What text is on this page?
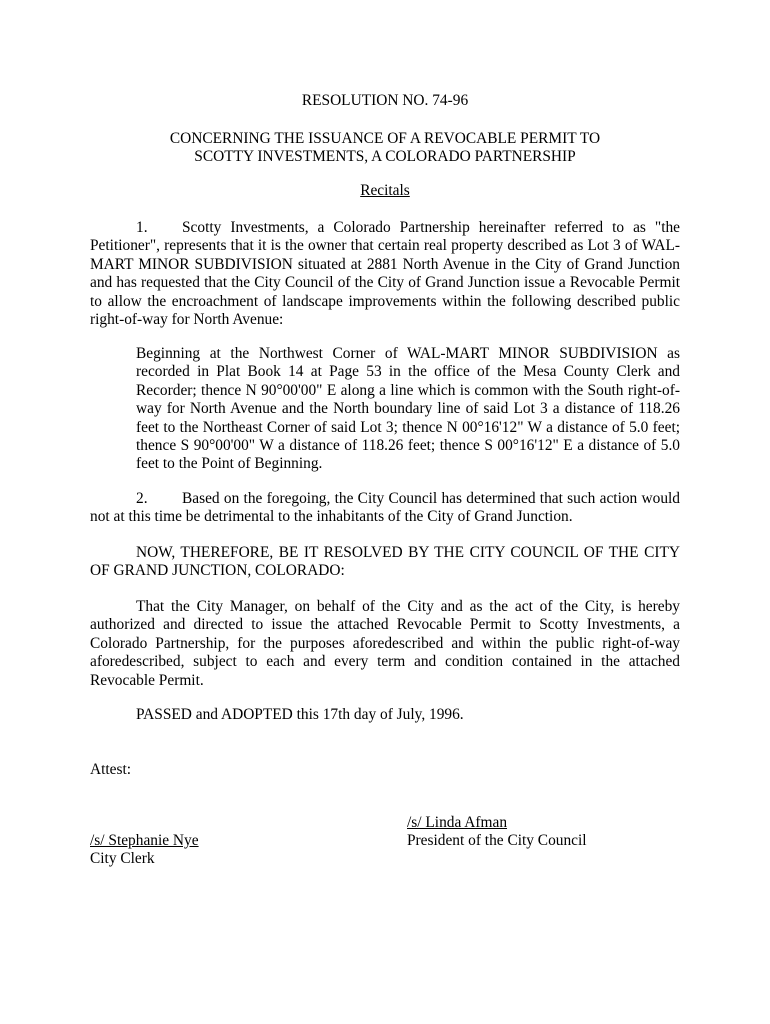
RESOLUTION NO. 74-96
CONCERNING THE ISSUANCE OF A REVOCABLE PERMIT TO
SCOTTY INVESTMENTS, A COLORADO PARTNERSHIP
Recitals

1. Scotty Investments, a Colorado Partnership hereinafter referred to as "the Petitioner", represents that it is the owner that certain real property described as Lot 3 of WAL-MART MINOR SUBDIVISION situated at 2881 North Avenue in the City of Grand Junction and has requested that the City Council of the City of Grand Junction issue a Revocable Permit to allow the encroachment of landscape improvements within the following described public right-of-way for North Avenue:

Beginning at the Northwest Corner of WAL-MART MINOR SUBDIVISION as recorded in Plat Book 14 at Page 53 in the office of the Mesa County Clerk and Recorder; thence N 90°00'00" E along a line which is common with the South right-of-way for North Avenue and the North boundary line of said Lot 3 a distance of 118.26 feet to the Northeast Corner of said Lot 3; thence N 00°16'12" W a distance of 5.0 feet; thence S 90°00'00" W a distance of 118.26 feet; thence S 00°16'12" E a distance of 5.0 feet to the Point of Beginning.

2. Based on the foregoing, the City Council has determined that such action would not at this time be detrimental to the inhabitants of the City of Grand Junction.

NOW, THEREFORE, BE IT RESOLVED BY THE CITY COUNCIL OF THE CITY OF GRAND JUNCTION, COLORADO:

That the City Manager, on behalf of the City and as the act of the City, is hereby authorized and directed to issue the attached Revocable Permit to Scotty Investments, a Colorado Partnership, for the purposes aforedescribed and within the public right-of-way aforedescribed, subject to each and every term and condition contained in the attached Revocable Permit.

PASSED and ADOPTED this 17th day of July, 1996.

Attest:
/s/ Linda Afman
President of the City Council
/s/ Stephanie Nye
City Clerk
